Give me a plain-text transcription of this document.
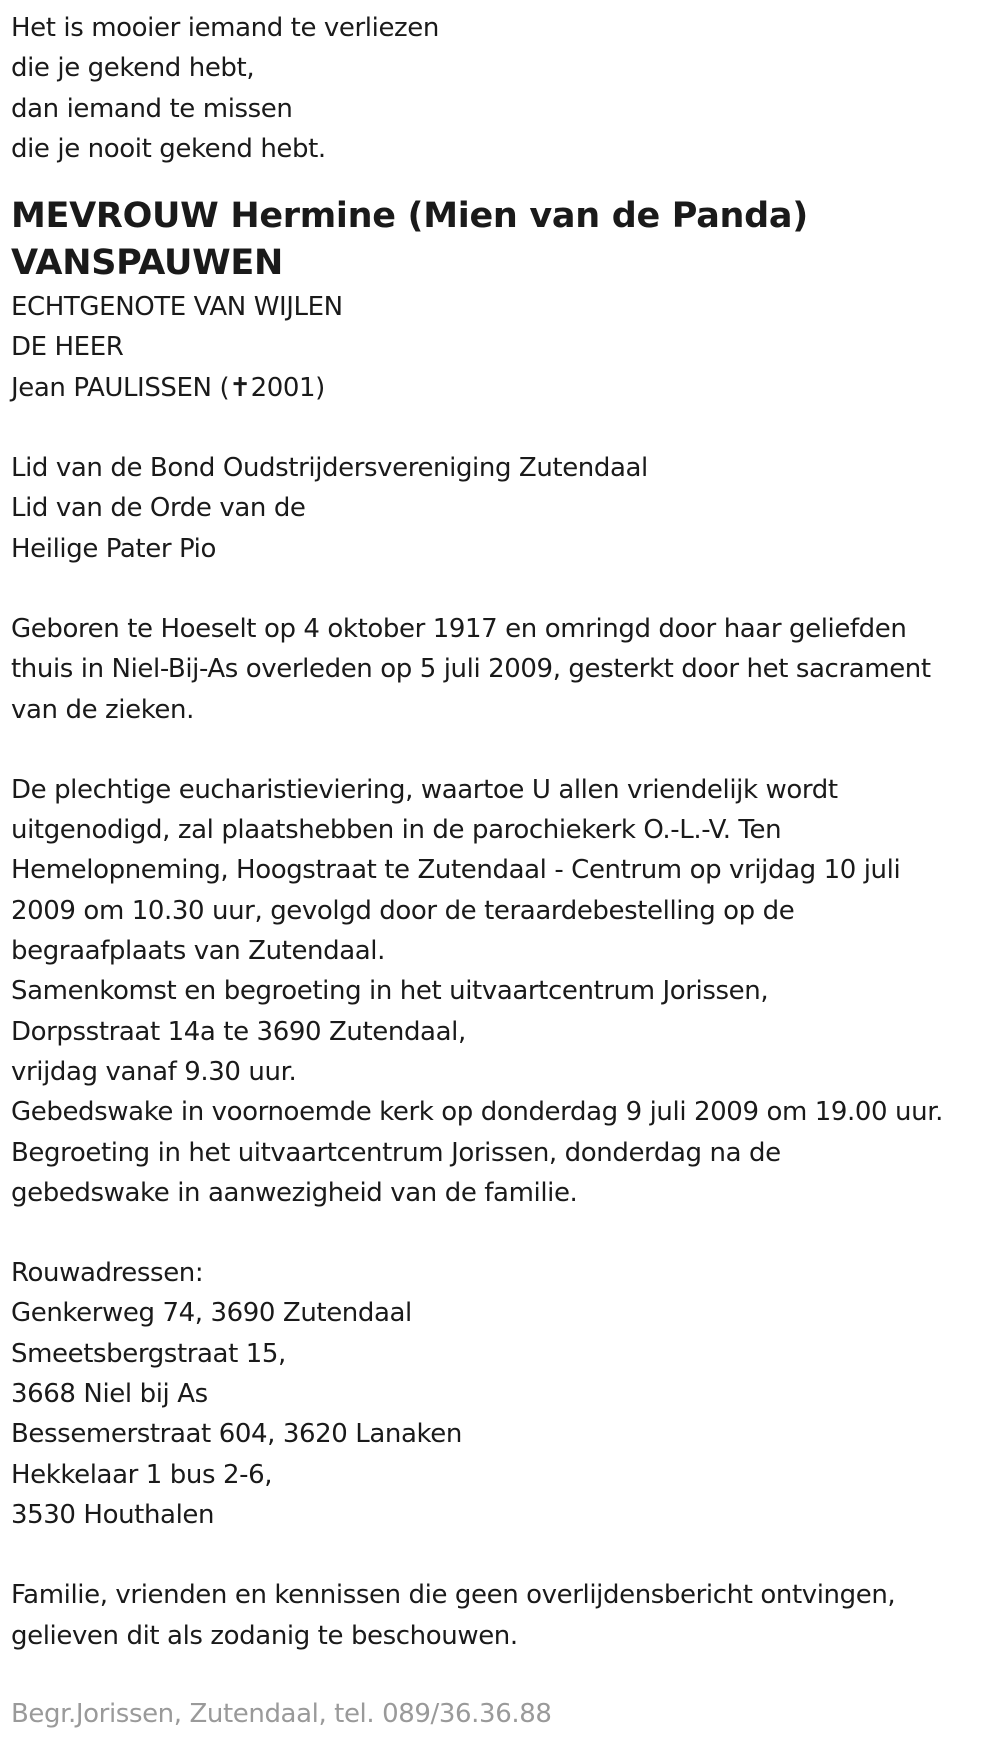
Het is mooier iemand te verliezen
die je gekend hebt,
dan iemand te missen
die je nooit gekend hebt.
MEVROUW Hermine (Mien van de Panda)
VANSPAUWEN
ECHTGENOTE VAN WIJLEN
DE HEER
Jean PAULISSEN (✝2001)
Lid van de Bond Oudstrijdersvereniging Zutendaal
Lid van de Orde van de
Heilige Pater Pio
Geboren te Hoeselt op 4 oktober 1917 en omringd door haar geliefden
thuis in Niel-Bij-As overleden op 5 juli 2009, gesterkt door het sacrament
van de zieken.
De plechtige eucharistieviering, waartoe U allen vriendelijk wordt
uitgenodigd, zal plaatshebben in de parochiekerk O.-L.-V. Ten
Hemelopneming, Hoogstraat te Zutendaal - Centrum op vrijdag 10 juli
2009 om 10.30 uur, gevolgd door de teraardebestelling op de
begraafplaats van Zutendaal.
Samenkomst en begroeting in het uitvaartcentrum Jorissen,
Dorpsstraat 14a te 3690 Zutendaal,
vrijdag vanaf 9.30 uur.
Gebedswake in voornoemde kerk op donderdag 9 juli 2009 om 19.00 uur.
Begroeting in het uitvaartcentrum Jorissen, donderdag na de
gebedswake in aanwezigheid van de familie.
Rouwadressen:
Genkerweg 74, 3690 Zutendaal
Smeetsbergstraat 15,
3668 Niel bij As
Bessemerstraat 604, 3620 Lanaken
Hekkelaar 1 bus 2-6,
3530 Houthalen
Familie, vrienden en kennissen die geen overlijdensbericht ontvingen,
gelieven dit als zodanig te beschouwen.
Begr.Jorissen, Zutendaal, tel. 089/36.36.88
